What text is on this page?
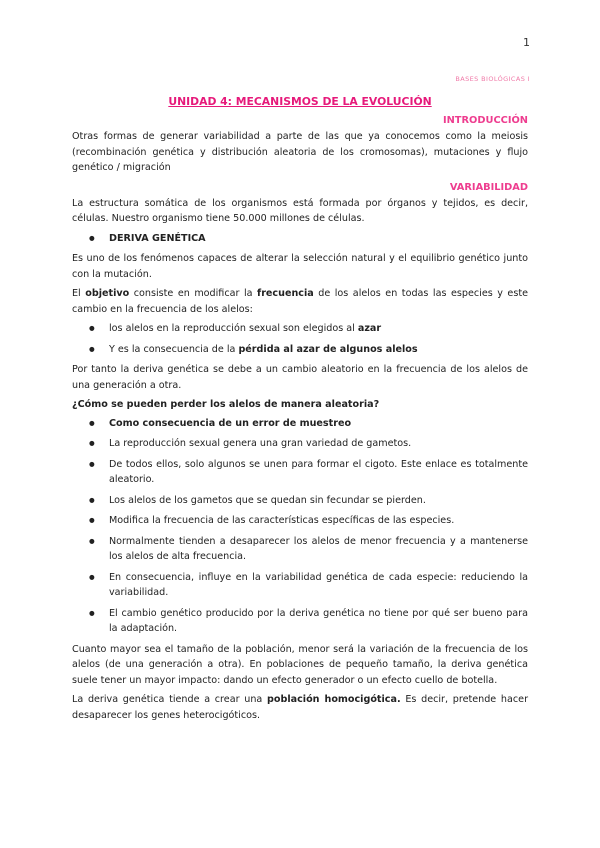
1
BASES BIOLÓGICAS I
UNIDAD 4: MECANISMOS DE LA EVOLUCIÓN
INTRODUCCIÓN

Otras formas de generar variabilidad a parte de las que ya conocemos como la meiosis (recombinación genética y distribución aleatoria de los cromosomas), mutaciones y flujo genético / migración

VARIABILIDAD

La estructura somática de los organismos está formada por órganos y tejidos, es decir, células. Nuestro organismo tiene 50.000 millones de células.

● DERIVA GENÉTICA

Es uno de los fenómenos capaces de alterar la selección natural y el equilibrio genético junto con la mutación.

El objetivo consiste en modificar la frecuencia de los alelos en todas las especies y este cambio en la frecuencia de los alelos:

● los alelos en la reproducción sexual son elegidos al azar
● Y es la consecuencia de la pérdida al azar de algunos alelos

Por tanto la deriva genética se debe a un cambio aleatorio en la frecuencia de los alelos de una generación a otra.

¿Cómo se pueden perder los alelos de manera aleatoria?
● Como consecuencia de un error de muestreo
● La reproducción sexual genera una gran variedad de gametos.
● De todos ellos, solo algunos se unen para formar el cigoto. Este enlace es totalmente aleatorio.
● Los alelos de los gametos que se quedan sin fecundar se pierden.
● Modifica la frecuencia de las características específicas de las especies.
● Normalmente tienden a desaparecer los alelos de menor frecuencia y a mantenerse los alelos de alta frecuencia.
● En consecuencia, influye en la variabilidad genética de cada especie: reduciendo la variabilidad.
● El cambio genético producido por la deriva genética no tiene por qué ser bueno para la adaptación.

Cuanto mayor sea el tamaño de la población, menor será la variación de la frecuencia de los alelos (de una generación a otra). En poblaciones de pequeño tamaño, la deriva genética suele tener un mayor impacto: dando un efecto generador o un efecto cuello de botella.

La deriva genética tiende a crear una población homocigótica. Es decir, pretende hacer desaparecer los genes heterocigóticos.
